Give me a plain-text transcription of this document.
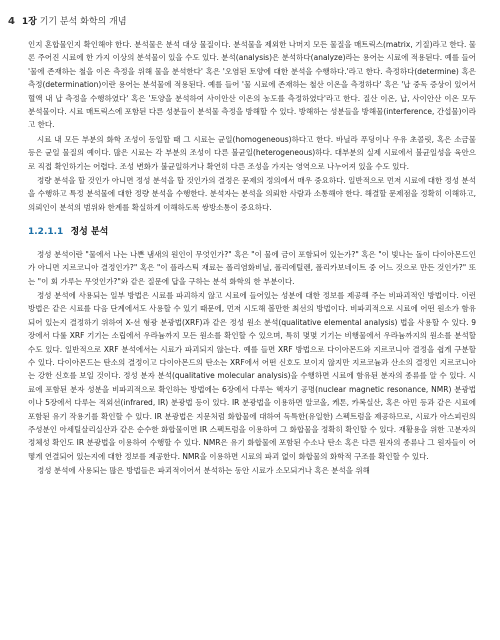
4 1장 기기 분석 화학의 개념

인지 혼합물인지 확인해야 한다. 분석물은 분석 대상 물질이다. 분석물을 제외한 나머지 모든 물질을 매트릭스(matrix, 기질)라고 한다. 물론 주어진 시료에 한 가지 이상의 분석물이 있을 수도 있다. 분석(analysis)은 분석하다(analyze)라는 용어는 시료에 적용된다. 예를 들어 '물에 존재하는 철을 이온 측정을 위해 물을 분석한다' 혹은 '오염된 토양에 대한 분석을 수행하다.'라고 한다. 측정하다(determine) 혹은 측정(determination)이란 용어는 분석물에 적용된다. 예를 들어 '물 시료에 존재하는 철산 이온을 측정하다' 혹은 '납 중독 증상이 있어서 혈액 내 납 측정을 수행하였다' 혹은 '토양을 분석하여 사이안산 이온의 농도를 측정하였다'라고 한다. 질산 이온, 납, 사이안산 이온 모두 분석물이다. 시료 매트릭스에 포함된 다른 성분들이 분석물 측정을 방해할 수 있다. 방해하는 성분들을 방해물(interference, 간섭물)이라고 한다.

시료 내 모든 부분의 화학 조성이 동일할 때 그 시료는 균일(homogeneous)하다고 한다. 바닐라 푸딩이나 우유 초콜릿, 혹은 소금물 등은 균일 물질의 예이다. 많은 시료는 각 부분의 조성이 다른 불균일(heterogeneous)하다. 대부분의 실제 시료에서 불균일성을 육안으로 직접 확인하기는 어렵다. 조성 변화가 불균일하거나 확연히 다른 조성을 가지는 영역으로 나누어져 있을 수도 있다.

정량 분석을 할 것인가 아니면 정성 분석을 할 것인가의 결정은 문제의 정의에서 매우 중요하다. 일반적으로 먼저 시료에 대한 정성 분석을 수행하고 특정 분석물에 대한 정량 분석을 수행한다. 분석자는 분석을 의뢰한 사람과 소통해야 한다. 해결할 문제점을 정확히 이해하고, 의뢰인이 분석의 범위와 한계를 확실하게 이해하도록 쌍방소통이 중요하다.

1.2.1.1 정성 분석

정성 분석이란 "물에서 나는 나쁜 냄새의 원인이 무엇인가?" 혹은 "이 물에 금이 포함되어 있는가?" 혹은 "이 빛나는 돌이 다이아몬드인가 아니면 지르코니아 결정인가?" 혹은 "이 플라스틱 재료는 폴리염화비닐, 폴리에틸렌, 폴리카보네이트 중 어느 것으로 만든 것인가?" 또는 "이 회 가루는 무엇인가?"와 같은 질문에 답을 구하는 분석 화학의 한 부분이다.

정성 분석에 사용되는 일부 방법은 시료를 파괴하지 않고 시료에 들어있는 성분에 대한 정보를 제공해 주는 비파괴적인 방법이다. 이런 방법은 같은 시료를 다음 단계에서도 사용할 수 있기 때문에, 먼저 시도해 볼만한 최선의 방법이다. 비파괴적으로 시료에 어떤 원소가 함유되어 있는지 결정하기 위하여 X-선 형광 분광법(XRF)과 같은 정성 원소 분석(qualitative elemental analysis) 법을 사용할 수 있다. 9장에서 다룰 XRF 기기는 소립에서 우라늄까지 모든 원소를 확인할 수 있으며, 특히 몇몇 기기는 비행물에서 우라늄까지의 원소를 분석할 수도 있다. 일반적으로 XRF 분석에서는 시료가 파괴되지 않는다. 예를 들면 XRF 방법으로 다이아몬드와 지르코니아 결정을 쉽게 구분할 수 있다. 다이아몬드는 탄소의 결정이고 다이아몬드의 탄소는 XRF에서 어떤 신호도 보이지 않지만 지르코늄과 산소의 결정인 지르코니아는 강한 신호를 보일 것이다. 정성 분자 분석(qualitative molecular analysis)을 수행하면 시료에 함유된 분자의 종류를 알 수 있다. 시료에 포함된 분자 성분을 비파괴적으로 확인하는 방법에는 6장에서 다루는 핵자기 공명(nuclear magnetic resonance, NMR) 분광법이나 5장에서 다루는 적외선(infrared, IR) 분광법 등이 있다. IR 분광법을 이용하면 알코올, 케톤, 카복실산, 혹은 아민 등과 같은 시료에 포함된 유기 작용기를 확인할 수 있다. IR 분광법은 지문처럼 화합물에 대하여 독특한(유일한) 스펙트럼을 제공하므로, 시료가 아스피린의 주성분인 아세틸살리실산과 같은 순수한 화합물이면 IR 스펙트럼을 이용하여 그 화합물을 정확히 확인할 수 있다. 재활용을 위한 고분자의 정체성 확인도 IR 분광법을 이용하여 수행할 수 있다. NMR은 유기 화합물에 포함된 수소나 탄소 혹은 다른 원자의 종류나 그 원자들이 어떻게 연결되어 있는지에 대한 정보를 제공한다. NMR을 이용하면 시료의 파괴 없이 화합물의 화학적 구조를 확인할 수 있다.

정성 분석에 사용되는 많은 방법들은 파괴적이어서 분석하는 동안 시료가 소모되거나 혹은 분석을 위해
